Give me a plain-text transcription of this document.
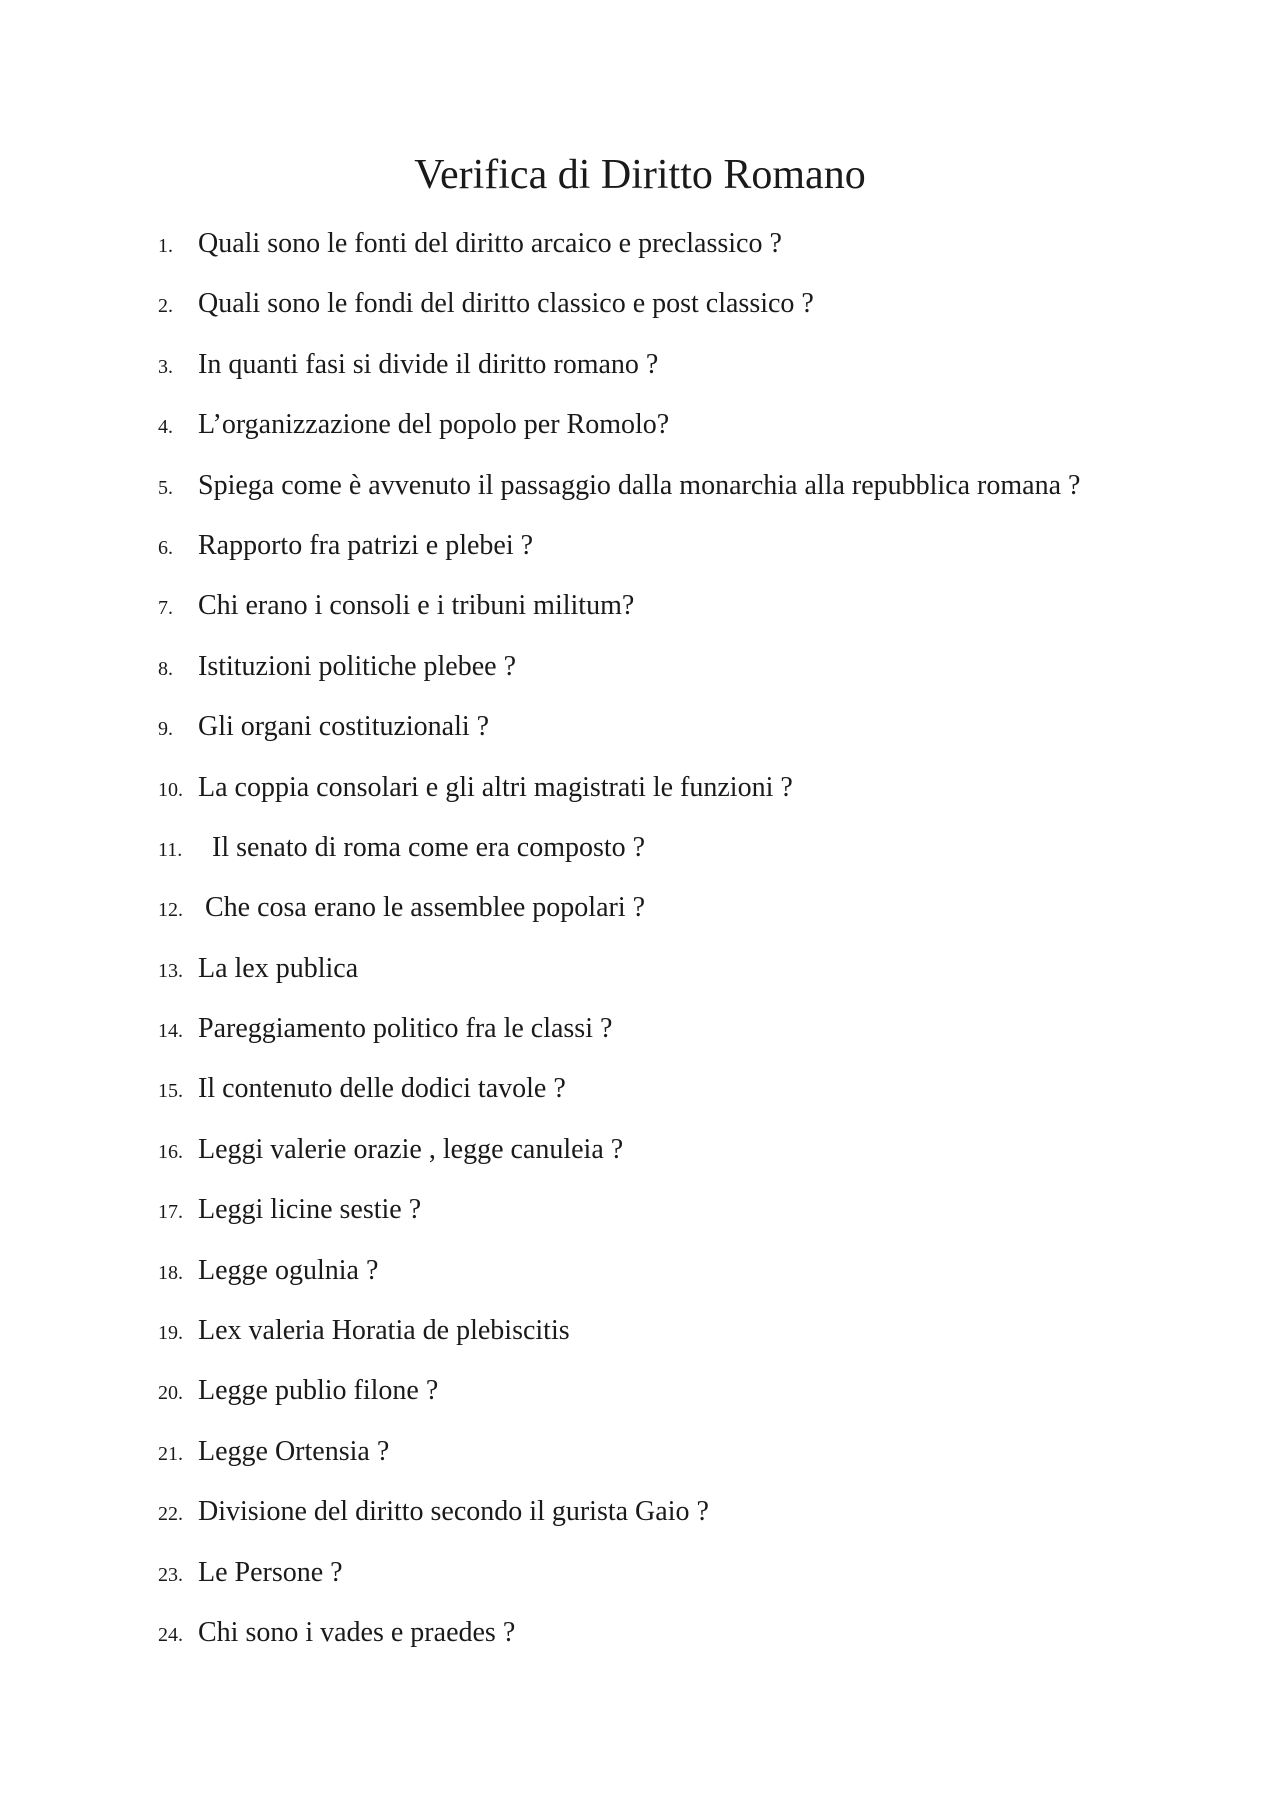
Verifica di Diritto Romano
1. Quali sono le fonti del diritto arcaico e preclassico ?
2. Quali sono le fondi del diritto classico e post classico ?
3. In quanti fasi si divide il diritto romano ?
4. L’organizzazione del popolo per Romolo?
5. Spiega come è avvenuto il passaggio dalla monarchia alla repubblica romana ?
6. Rapporto fra patrizi e plebei ?
7. Chi erano i consoli e i tribuni militum?
8. Istituzioni politiche plebee ?
9. Gli organi costituzionali ?
10. La coppia consolari e gli altri magistrati le funzioni ?
11. Il senato di roma come era composto ?
12. Che cosa erano le assemblee popolari ?
13. La lex publica
14. Pareggiamento politico fra le classi ?
15. Il contenuto delle dodici tavole ?
16. Leggi valerie orazie , legge canuleia ?
17. Leggi licine sestie ?
18. Legge ogulnia ?
19. Lex valeria Horatia de plebiscitis
20. Legge publio filone ?
21. Legge Ortensia ?
22. Divisione del diritto secondo il gurista Gaio ?
23. Le Persone ?
24. Chi sono i vades e praedes ?
